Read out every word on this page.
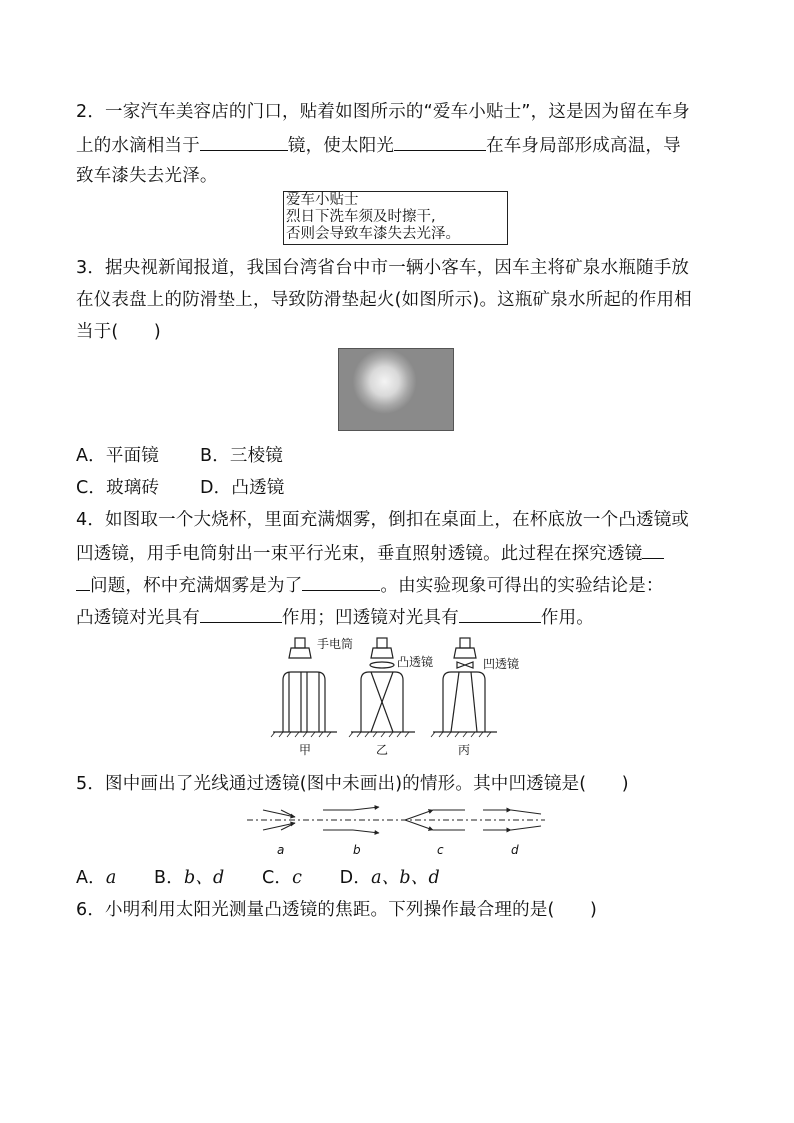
2．一家汽车美容店的门口，贴着如图所示的“爱车小贴士”，这是因为留在车身
上的水滴相当于	镜，使太阳光	在车身局部形成高温，导
致车漆失去光泽。
爱车小贴士
烈日下洗车须及时擦干,
否则会导致车漆失去光泽。
3．据央视新闻报道，我国台湾省台中市一辆小客车，因车主将矿泉水瓶随手放
在仪表盘上的防滑垫上，导致防滑垫起火(如图所示)。这瓶矿泉水所起的作用相
当于(　　)
A．平面镜 B．三棱镜
C．玻璃砖 D．凸透镜
4．如图取一个大烧杯，里面充满烟雾，倒扣在桌面上，在杯底放一个凸透镜或
凹透镜，用手电筒射出一束平行光束，垂直照射透镜。此过程在探究透镜
问题，杯中充满烟雾是为了	。由实验现象可得出的实验结论是：
凸透镜对光具有	作用；凹透镜对光具有	作用。
手电筒
凸透镜	凹透镜
甲	乙	丙
5．图中画出了光线通过透镜(图中未画出)的情形。其中凹透镜是(　　)
a	b	c	d
A．a B．b、d C．c D．a、b、d
6．小明利用太阳光测量凸透镜的焦距。下列操作最合理的是(　　)
